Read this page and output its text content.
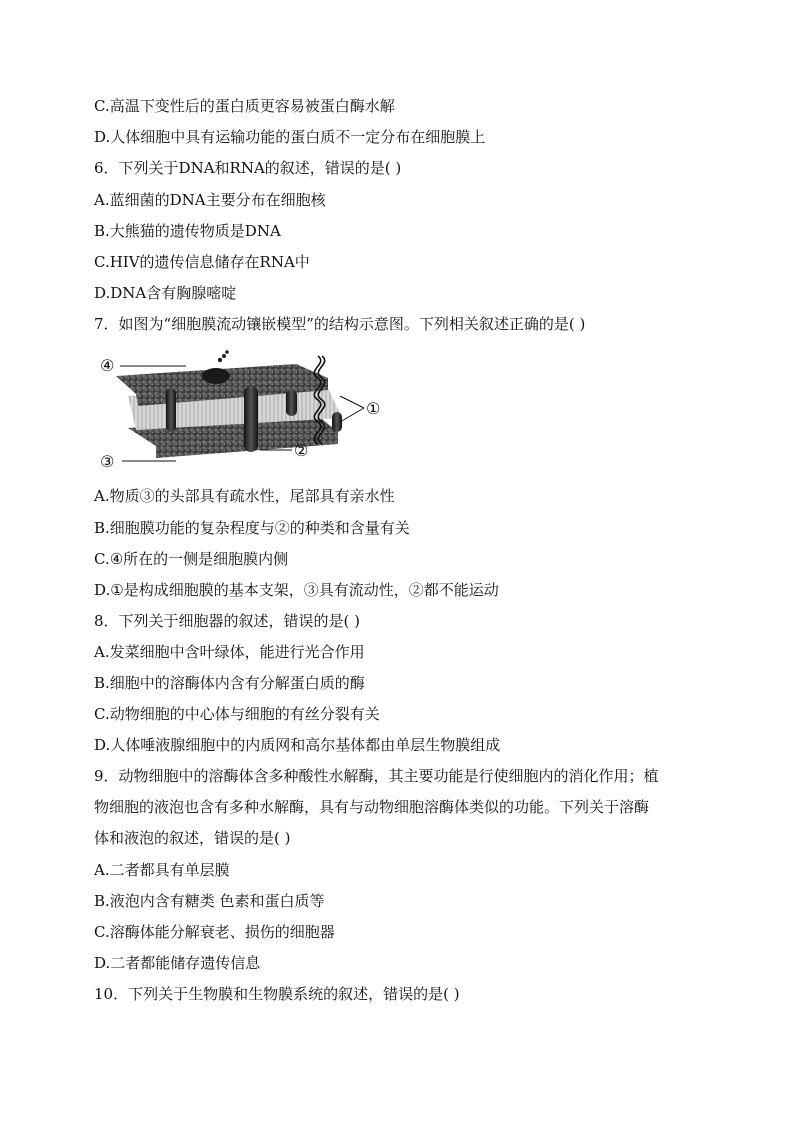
C.高温下变性后的蛋白质更容易被蛋白酶水解
D.人体细胞中具有运输功能的蛋白质不一定分布在细胞膜上
6．下列关于DNA和RNA的叙述，错误的是( )
A.蓝细菌的DNA主要分布在细胞核
B.大熊猫的遗传物质是DNA
C.HIV的遗传信息储存在RNA中
D.DNA含有胸腺嘧啶
7．如图为“细胞膜流动镶嵌模型”的结构示意图。下列相关叙述正确的是( )
④
①
②
③
A.物质③的头部具有疏水性，尾部具有亲水性
B.细胞膜功能的复杂程度与②的种类和含量有关
C.④所在的一侧是细胞膜内侧
D.①是构成细胞膜的基本支架，③具有流动性，②都不能运动
8．下列关于细胞器的叙述，错误的是( )
A.发菜细胞中含叶绿体，能进行光合作用
B.细胞中的溶酶体内含有分解蛋白质的酶
C.动物细胞的中心体与细胞的有丝分裂有关
D.人体唾液腺细胞中的内质网和高尔基体都由单层生物膜组成
9．动物细胞中的溶酶体含多种酸性水解酶，其主要功能是行使细胞内的消化作用；植
物细胞的液泡也含有多种水解酶，具有与动物细胞溶酶体类似的功能。下列关于溶酶
体和液泡的叙述，错误的是( )
A.二者都具有单层膜
B.液泡内含有糖类 色素和蛋白质等
C.溶酶体能分解衰老、损伤的细胞器
D.二者都能储存遗传信息
10．下列关于生物膜和生物膜系统的叙述，错误的是( )
